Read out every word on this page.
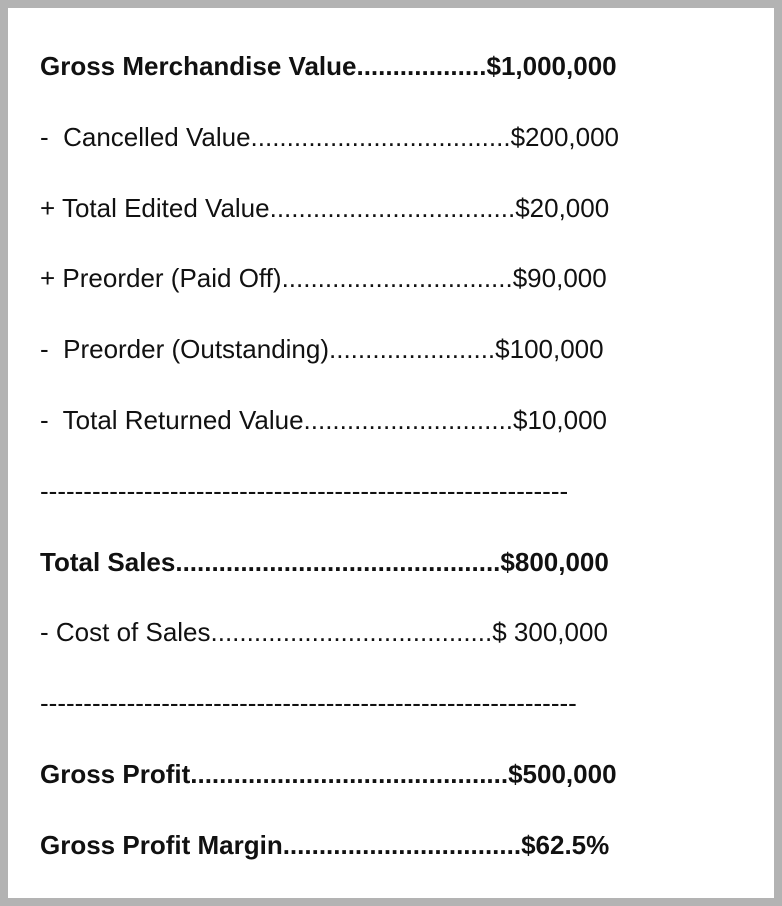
Gross Merchandise Value..................$1,000,000
-  Cancelled Value....................................$200,000
+ Total Edited Value..................................$20,000
+ Preorder (Paid Off)................................$90,000
-  Preorder (Outstanding).......................$100,000
-  Total Returned Value.............................$10,000
-------------------------------------------------------------
Total Sales.............................................$800,000
- Cost of Sales.......................................$ 300,000
--------------------------------------------------------------
Gross Profit............................................$500,000
Gross Profit Margin.................................$62.5%
